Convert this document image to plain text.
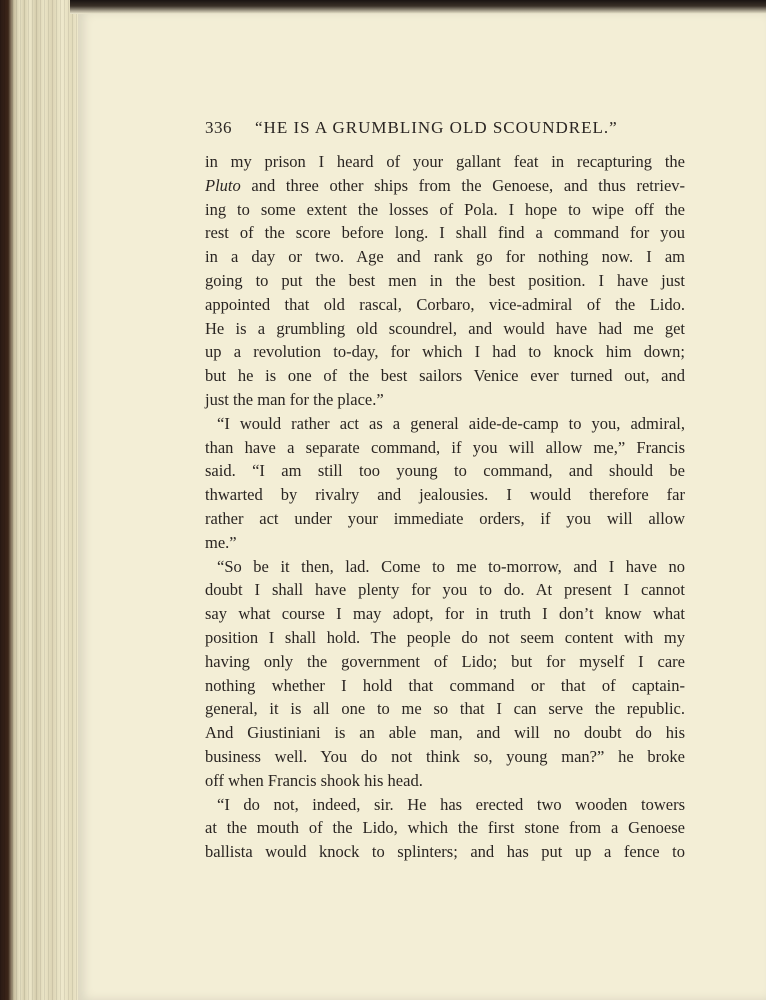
336 “HE IS A GRUMBLING OLD SCOUNDREL.”
in my prison I heard of your gallant feat in recapturing the
Pluto and three other ships from the Genoese, and thus retriev-
ing to some extent the losses of Pola. I hope to wipe off the
rest of the score before long. I shall find a command for you
in a day or two. Age and rank go for nothing now. I am
going to put the best men in the best position. I have just
appointed that old rascal, Corbaro, vice-admiral of the Lido.
He is a grumbling old scoundrel, and would have had me get
up a revolution to-day, for which I had to knock him down;
but he is one of the best sailors Venice ever turned out, and
just the man for the place.”
“I would rather act as a general aide-de-camp to you, admiral,
than have a separate command, if you will allow me,” Francis
said. “I am still too young to command, and should be
thwarted by rivalry and jealousies. I would therefore far
rather act under your immediate orders, if you will allow
me.”
“So be it then, lad. Come to me to-morrow, and I have no
doubt I shall have plenty for you to do. At present I cannot
say what course I may adopt, for in truth I don’t know what
position I shall hold. The people do not seem content with my
having only the government of Lido; but for myself I care
nothing whether I hold that command or that of captain-
general, it is all one to me so that I can serve the republic.
And Giustiniani is an able man, and will no doubt do his
business well. You do not think so, young man?” he broke
off when Francis shook his head.
“I do not, indeed, sir. He has erected two wooden towers
at the mouth of the Lido, which the first stone from a Genoese
ballista would knock to splinters; and has put up a fence to
